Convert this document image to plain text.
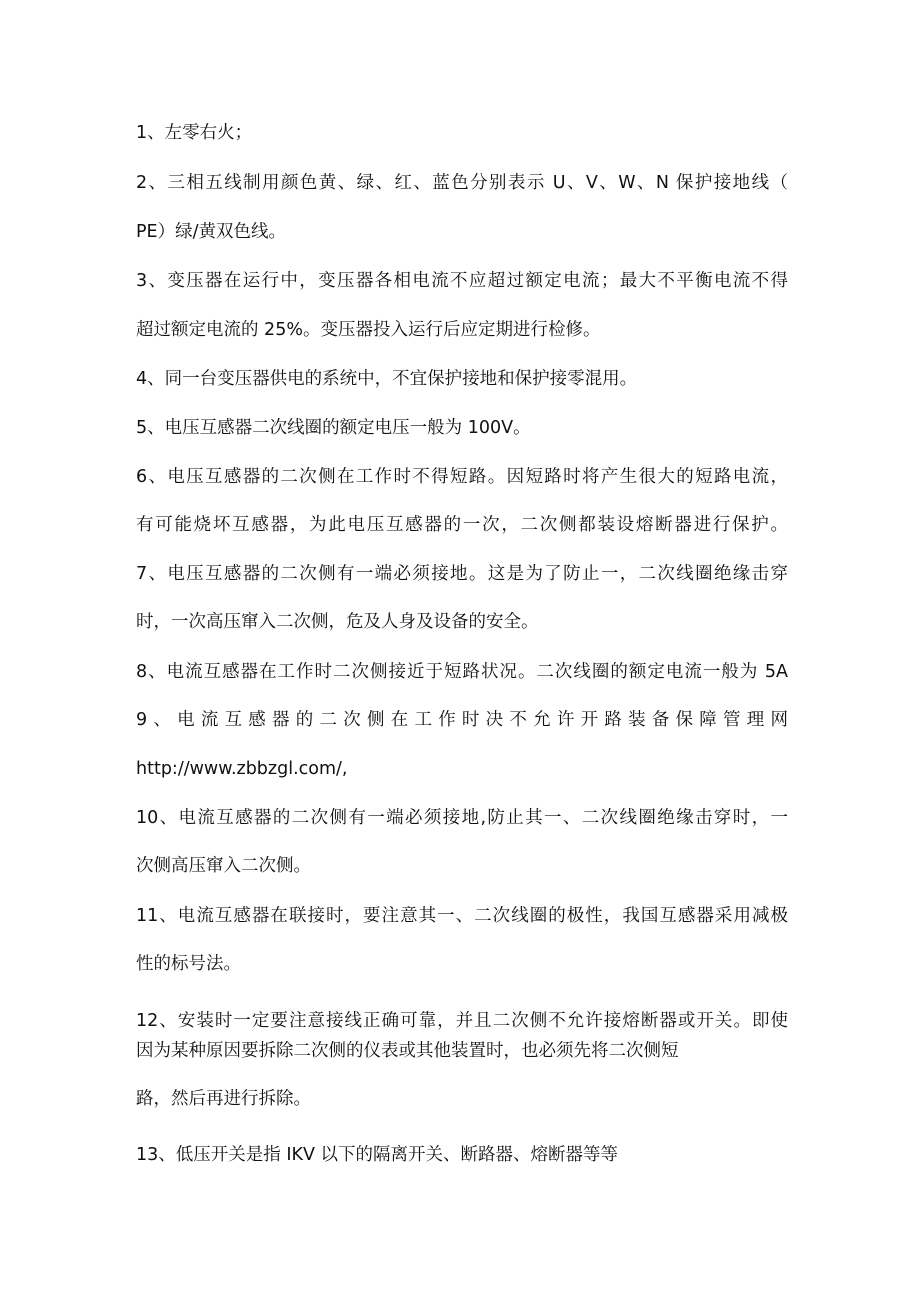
1、左零右火；
2、三相五线制用颜色黄、绿、红、蓝色分别表示 U、V、W、N 保护接地线（
PE）绿/黄双色线。
3、变压器在运行中，变压器各相电流不应超过额定电流；最大不平衡电流不得
超过额定电流的 25%。变压器投入运行后应定期进行检修。
4、同一台变压器供电的系统中，不宜保护接地和保护接零混用。
5、电压互感器二次线圈的额定电压一般为 100V。
6、电压互感器的二次侧在工作时不得短路。因短路时将产生很大的短路电流，
有可能烧坏互感器，为此电压互感器的一次，二次侧都装设熔断器进行保护。
7、电压互感器的二次侧有一端必须接地。这是为了防止一，二次线圈绝缘击穿
时，一次高压窜入二次侧，危及人身及设备的安全。
8、电流互感器在工作时二次侧接近于短路状况。二次线圈的额定电流一般为 5A
9、电流互感器的二次侧在工作时决不允许开路装备保障管理网
http://www.zbbzgl.com/,
10、电流互感器的二次侧有一端必须接地,防止其一、二次线圈绝缘击穿时，一
次侧高压窜入二次侧。
11、电流互感器在联接时，要注意其一、二次线圈的极性，我国互感器采用减极
性的标号法。
12、安装时一定要注意接线正确可靠，并且二次侧不允许接熔断器或开关。即使
因为某种原因要拆除二次侧的仪表或其他装置时，也必须先将二次侧短
路，然后再进行拆除。
13、低压开关是指 IKV 以下的隔离开关、断路器、熔断器等等
